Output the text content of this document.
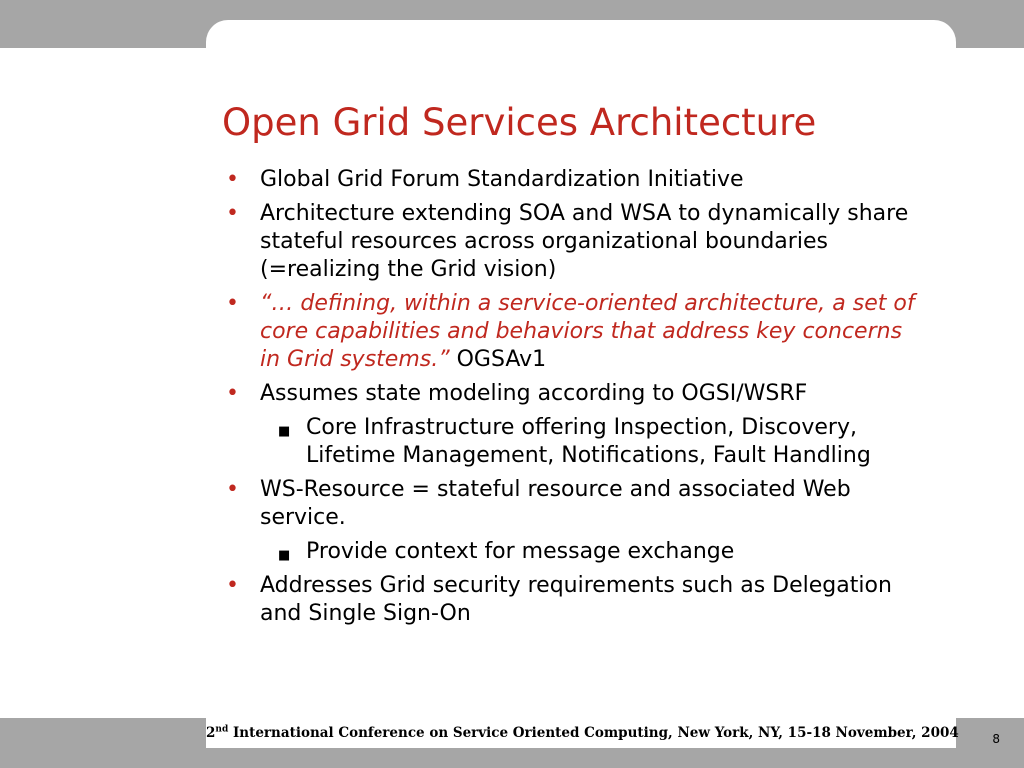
Open Grid Services Architecture
• Global Grid Forum Standardization Initiative
• Architecture extending SOA and WSA to dynamically share stateful resources across organizational boundaries (=realizing the Grid vision)
• “… defining, within a service-oriented architecture, a set of core capabilities and behaviors that address key concerns in Grid systems.” OGSAv1
• Assumes state modeling according to OGSI/WSRF
■ Core Infrastructure offering Inspection, Discovery, Lifetime Management, Notifications, Fault Handling
• WS-Resource = stateful resource and associated Web service.
■ Provide context for message exchange
• Addresses Grid security requirements such as Delegation and Single Sign-On
2nd International Conference on Service Oriented Computing, New York, NY, 15-18 November, 2004	8
